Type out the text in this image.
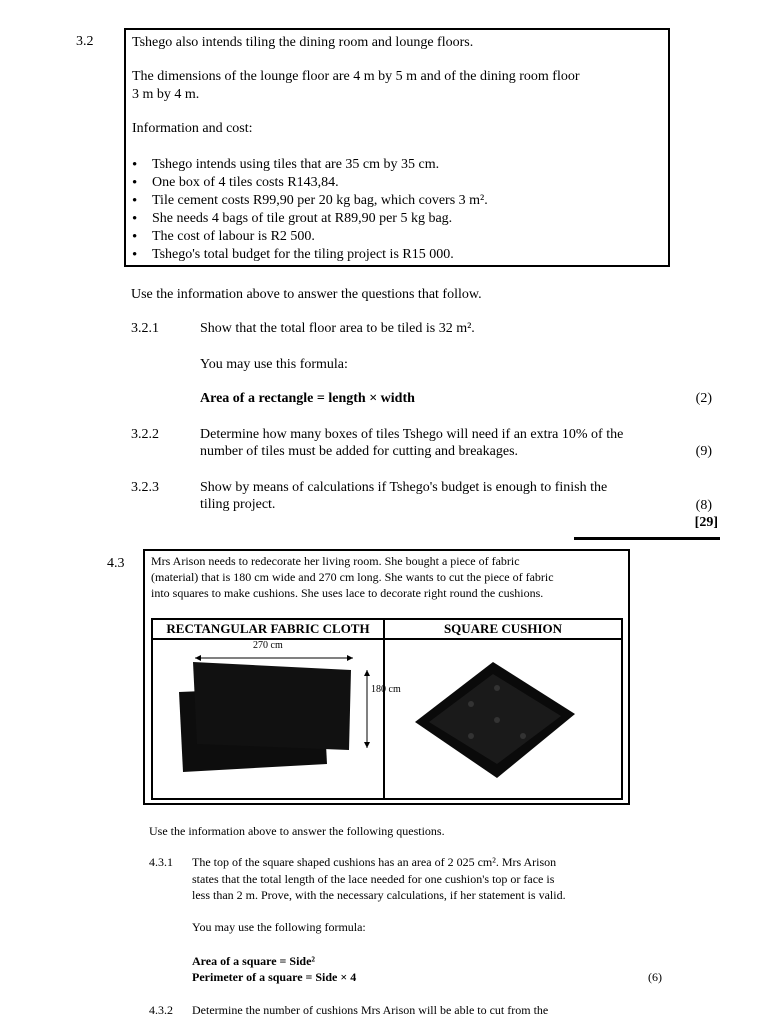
3.2	Tshego also intends tiling the dining room and lounge floors.
The dimensions of the lounge floor are 4 m by 5 m and of the dining room floor
3 m by 4 m.
Information and cost:
• Tshego intends using tiles that are 35 cm by 35 cm.
• One box of 4 tiles costs R143,84.
• Tile cement costs R99,90 per 20 kg bag, which covers 3 m².
• She needs 4 bags of tile grout at R89,90 per 5 kg bag.
• The cost of labour is R2 500.
• Tshego's total budget for the tiling project is R15 000.
Use the information above to answer the questions that follow.
3.2.1	Show that the total floor area to be tiled is 32 m².
You may use this formula:
Area of a rectangle = length × width	(2)
3.2.2	Determine how many boxes of tiles Tshego will need if an extra 10% of the
number of tiles must be added for cutting and breakages.	(9)
3.2.3	Show by means of calculations if Tshego's budget is enough to finish the
tiling project.	(8)
[29]
4.3 Mrs Arison needs to redecorate her living room. She bought a piece of fabric
(material) that is 180 cm wide and 270 cm long. She wants to cut the piece of fabric
into squares to make cushions. She uses lace to decorate right round the cushions.
RECTANGULAR FABRIC CLOTH	SQUARE CUSHION

270 cm
180 cm

Use the information above to answer the following questions.
4.3.1 The top of the square shaped cushions has an area of 2 025 cm². Mrs Arison
states that the total length of the lace needed for one cushion's top or face is
less than 2 m. Prove, with the necessary calculations, if her statement is valid.
You may use the following formula:
Area of a square = Side²
Perimeter of a square = Side × 4	(6)
4.3.2 Determine the number of cushions Mrs Arison will be able to cut from the
